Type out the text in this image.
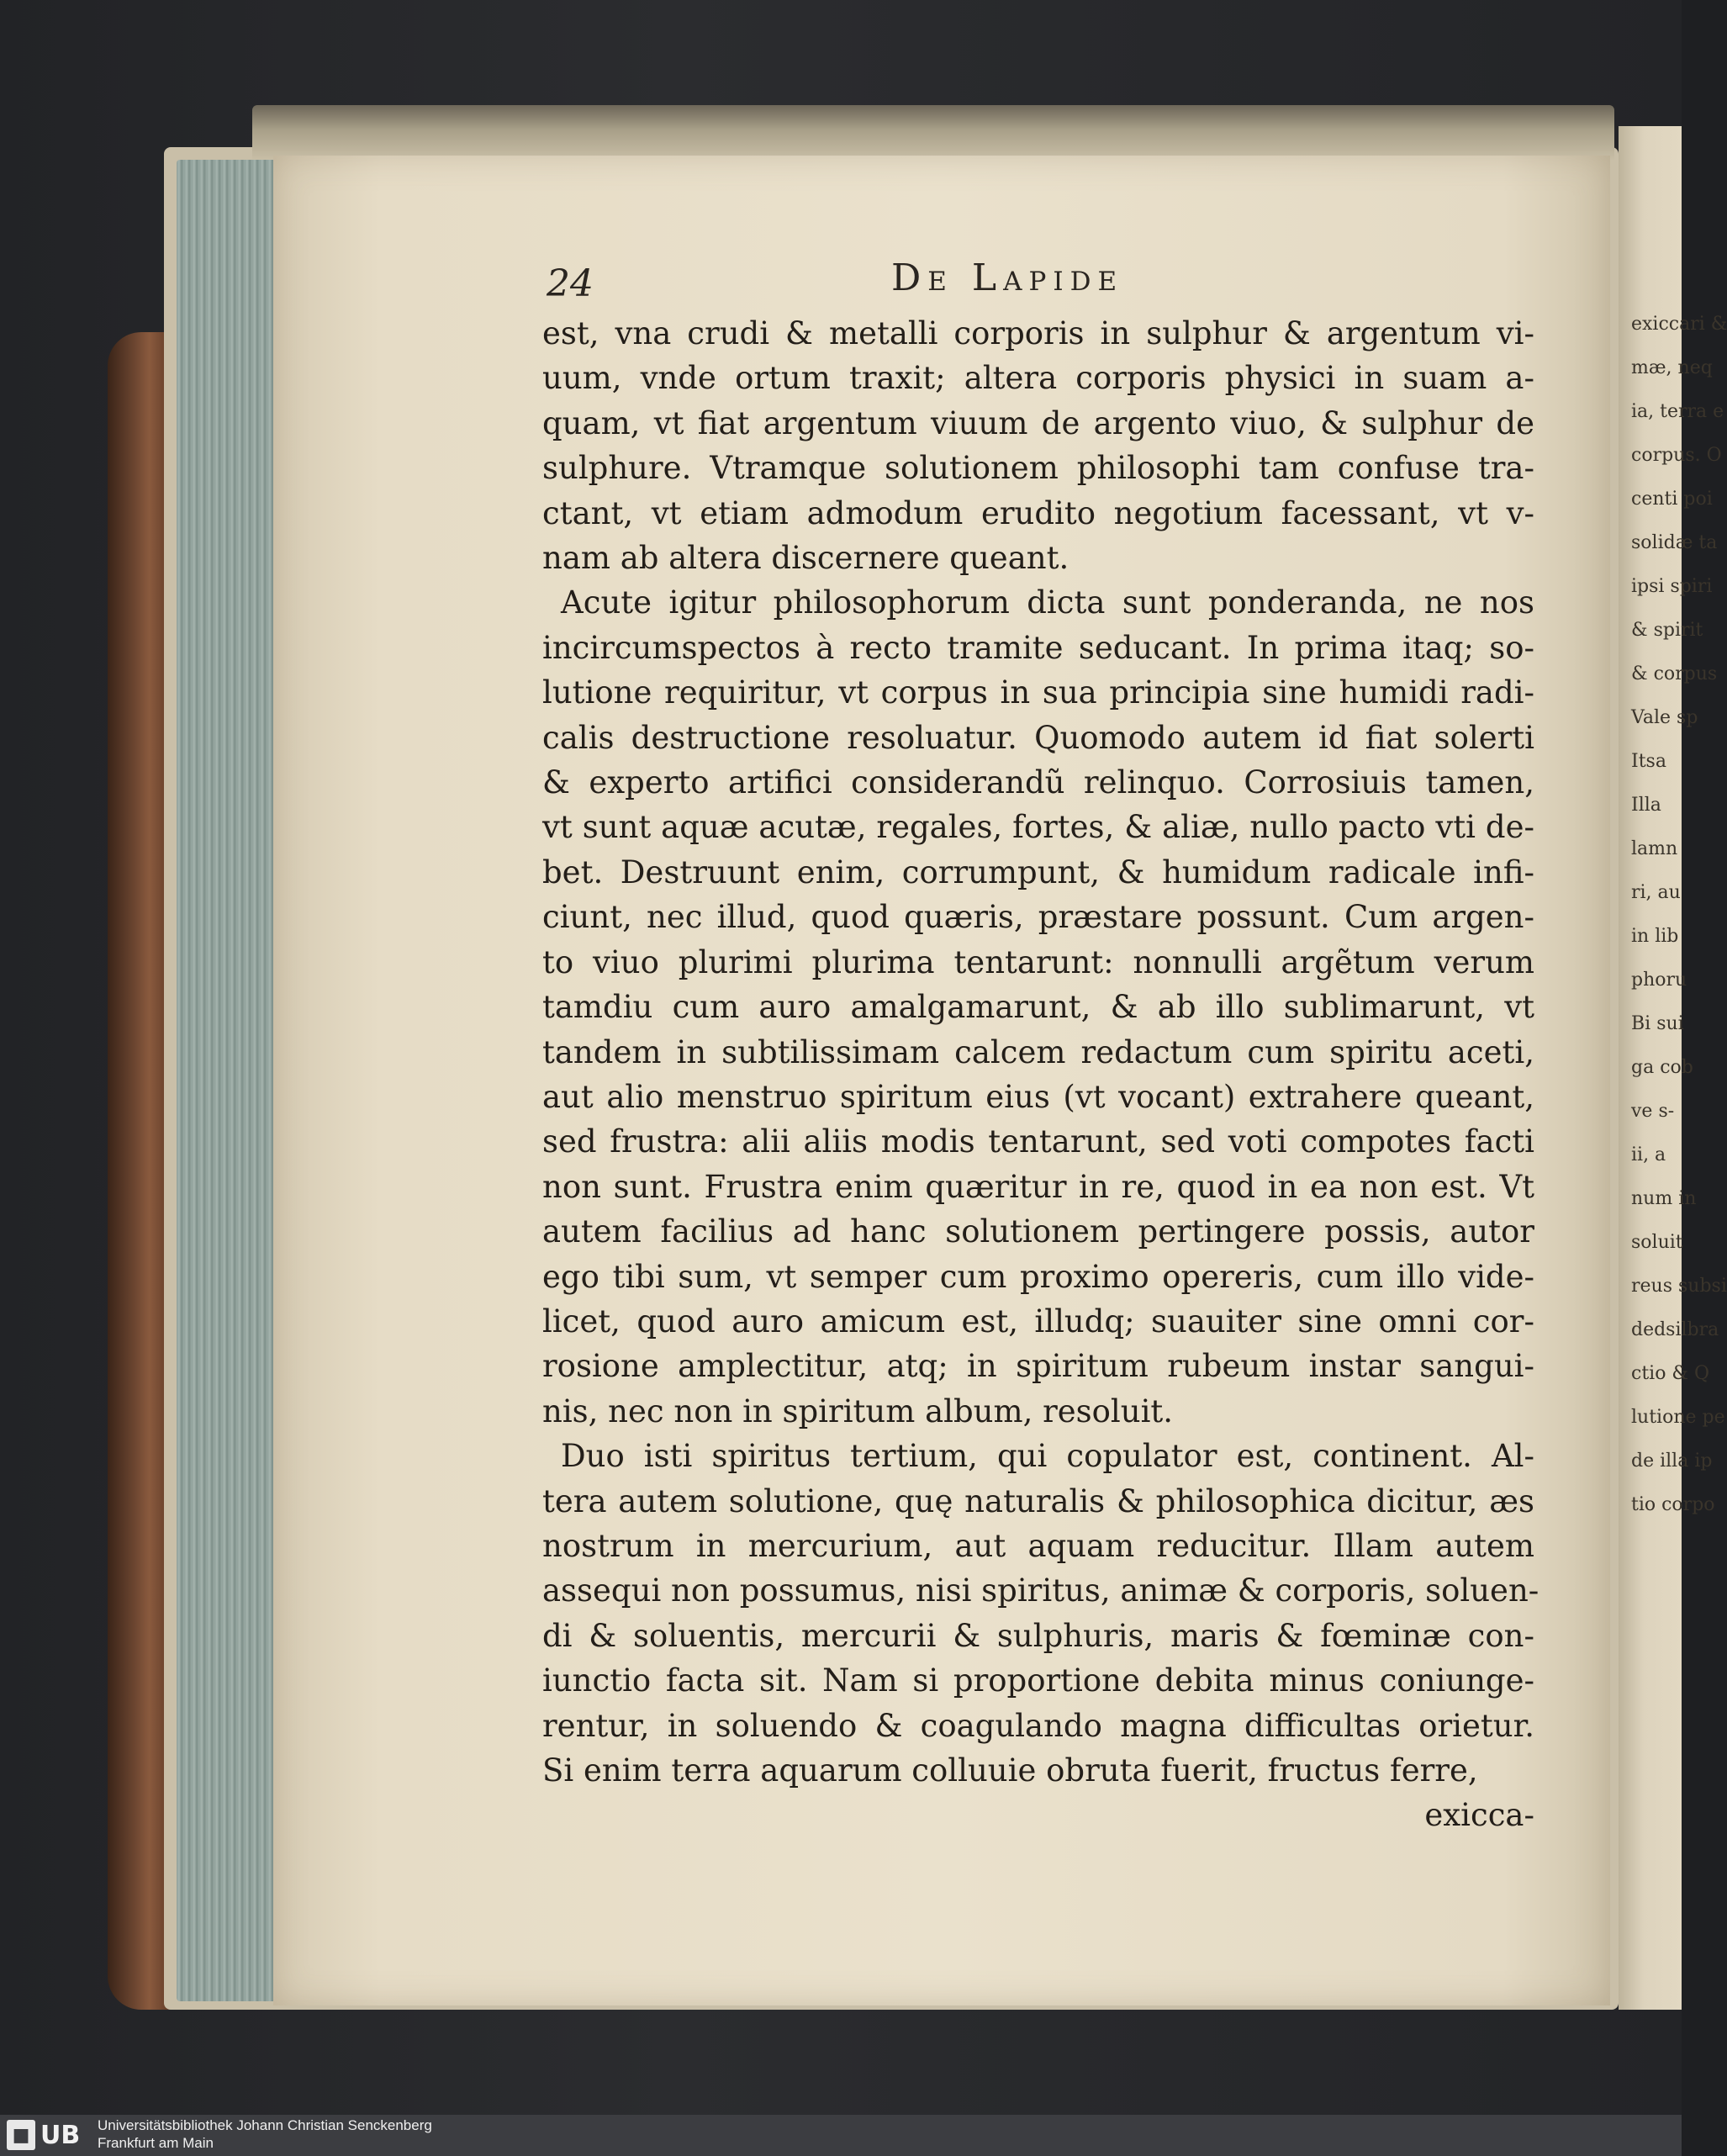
exiccari &
mæ, neq
ia, terra e
corpus. O
centi poi
solidæ ta
ipsi spiri
& spirit
& corpus
Vale sp
Itsa
Illa
lamn
ri, au
in lib
phoru
Bi sui
ga cob
ve s-
ii, a
num in
soluit
reus subsi
dedsilbra
ctio & Q
lutione pe
de illa ip
tio corpo
24	De Lapide
est, vna crudi & metalli corporis in sulphur & argentum vi-
uum, vnde ortum traxit; altera corporis physici in suam a-
quam, vt fiat argentum viuum de argento viuo, & sulphur de
sulphure. Vtramque solutionem philosophi tam confuse tra-
ctant, vt etiam admodum erudito negotium facessant, vt v-
nam ab altera discernere queant.
Acute igitur philosophorum dicta sunt ponderanda, ne nos
incircumspectos à recto tramite seducant. In prima itaq; so-
lutione requiritur, vt corpus in sua principia sine humidi radi-
calis destructione resoluatur. Quomodo autem id fiat solerti
& experto artifici considerandũ relinquo. Corrosiuis tamen,
vt sunt aquæ acutæ, regales, fortes, & aliæ, nullo pacto vti de-
bet. Destruunt enim, corrumpunt, & humidum radicale infi-
ciunt, nec illud, quod quæris, præstare possunt. Cum argen-
to viuo plurimi plurima tentarunt: nonnulli argẽtum verum
tamdiu cum auro amalgamarunt, & ab illo sublimarunt, vt
tandem in subtilissimam calcem redactum cum spiritu aceti,
aut alio menstruo spiritum eius (vt vocant) extrahere queant,
sed frustra: alii aliis modis tentarunt, sed voti compotes facti
non sunt. Frustra enim quæritur in re, quod in ea non est. Vt
autem facilius ad hanc solutionem pertingere possis, autor
ego tibi sum, vt semper cum proximo opereris, cum illo vide-
licet, quod auro amicum est, illudq; suauiter sine omni cor-
rosione amplectitur, atq; in spiritum rubeum instar sangui-
nis, nec non in spiritum album, resoluit.
Duo isti spiritus tertium, qui copulator est, continent. Al-
tera autem solutione, quę naturalis & philosophica dicitur, æs
nostrum in mercurium, aut aquam reducitur. Illam autem
assequi non possumus, nisi spiritus, animæ & corporis, soluen-
di & soluentis, mercurii & sulphuris, maris & fœminæ con-
iunctio facta sit. Nam si proportione debita minus coniunge-
rentur, in soluendo & coagulando magna difficultas orietur.
Si enim terra aquarum colluuie obruta fuerit, fructus ferre,
exicca-
■ UB Universitätsbibliothek Johann Christian Senckenberg
Frankfurt am Main
